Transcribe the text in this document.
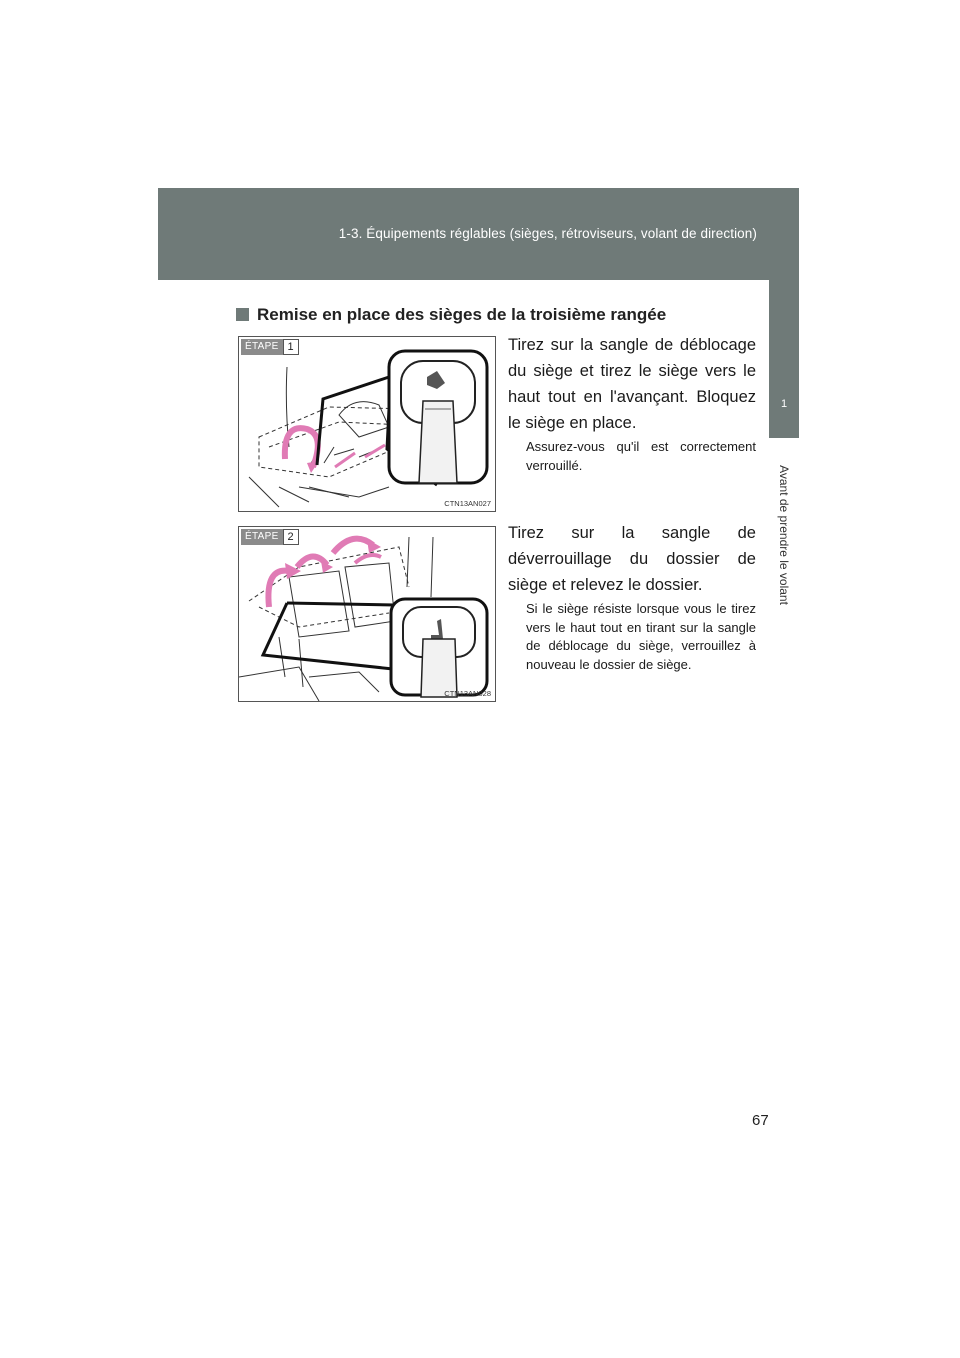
1-3. Équipements réglables (sièges, rétroviseurs, volant de direction)
1
Avant de prendre le volant
Remise en place des sièges de la troisième rangée
ÉTAPE 1
CTN13AN027
Tirez sur la sangle de déblocage du siège et tirez le siège vers le haut tout en l'avançant. Bloquez le siège en place.
Assurez-vous qu'il est correctement verrouillé.
ÉTAPE 2
CTN13AN028
Tirez sur la sangle de déverrouillage du dossier de siège et relevez le dossier.
Si le siège résiste lorsque vous le tirez vers le haut tout en tirant sur la sangle de déblocage du siège, verrouillez à nouveau le dossier de siège.
67
